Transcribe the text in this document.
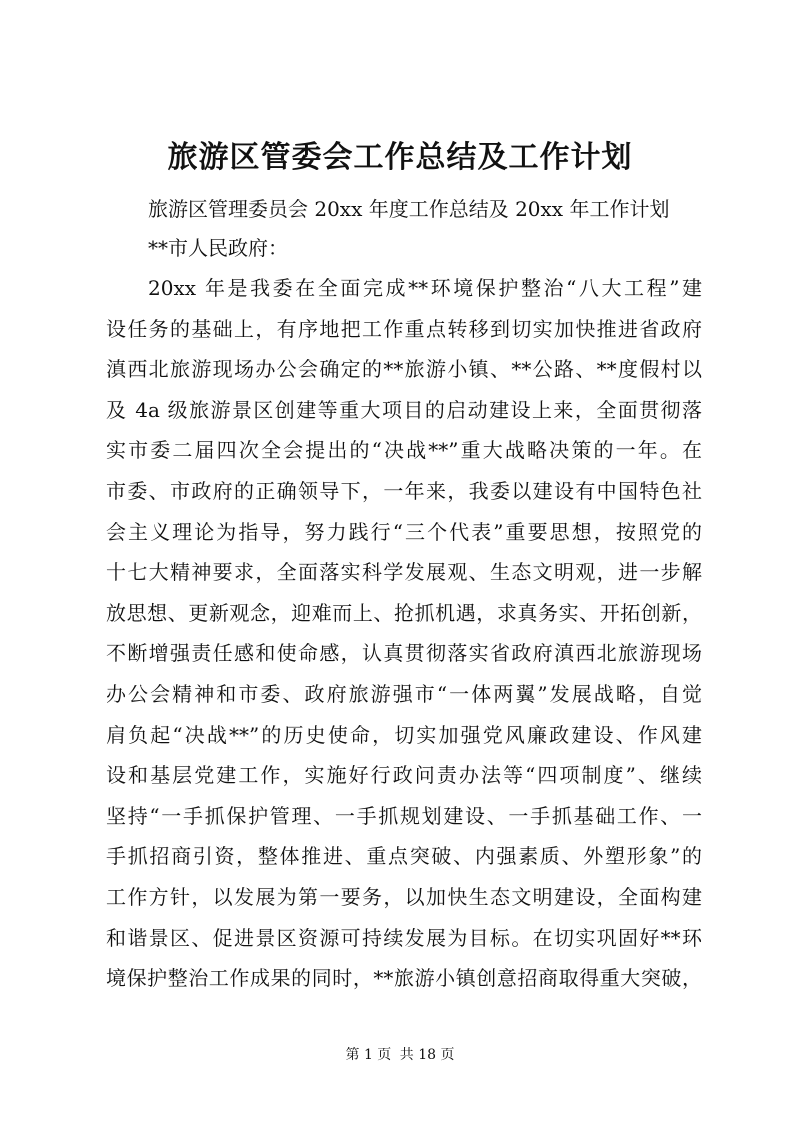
旅游区管委会工作总结及工作计划
旅游区管理委员会 20xx 年度工作总结及 20xx 年工作计划
**市人民政府：
20xx 年是我委在全面完成**环境保护整治“八大工程”建
设任务的基础上，有序地把工作重点转移到切实加快推进省政府
滇西北旅游现场办公会确定的**旅游小镇、**公路、**度假村以
及 4a 级旅游景区创建等重大项目的启动建设上来，全面贯彻落
实市委二届四次全会提出的“决战**”重大战略决策的一年。在
市委、市政府的正确领导下，一年来，我委以建设有中国特色社
会主义理论为指导，努力践行“三个代表”重要思想，按照党的
十七大精神要求，全面落实科学发展观、生态文明观，进一步解
放思想、更新观念，迎难而上、抢抓机遇，求真务实、开拓创新，
不断增强责任感和使命感，认真贯彻落实省政府滇西北旅游现场
办公会精神和市委、政府旅游强市“一体两翼”发展战略，自觉
肩负起“决战**”的历史使命，切实加强党风廉政建设、作风建
设和基层党建工作，实施好行政问责办法等“四项制度”、继续
坚持“一手抓保护管理、一手抓规划建设、一手抓基础工作、一
手抓招商引资，整体推进、重点突破、内强素质、外塑形象”的
工作方针，以发展为第一要务，以加快生态文明建设，全面构建
和谐景区、促进景区资源可持续发展为目标。在切实巩固好**环
境保护整治工作成果的同时，**旅游小镇创意招商取得重大突破，
第 1 页 共 18 页
